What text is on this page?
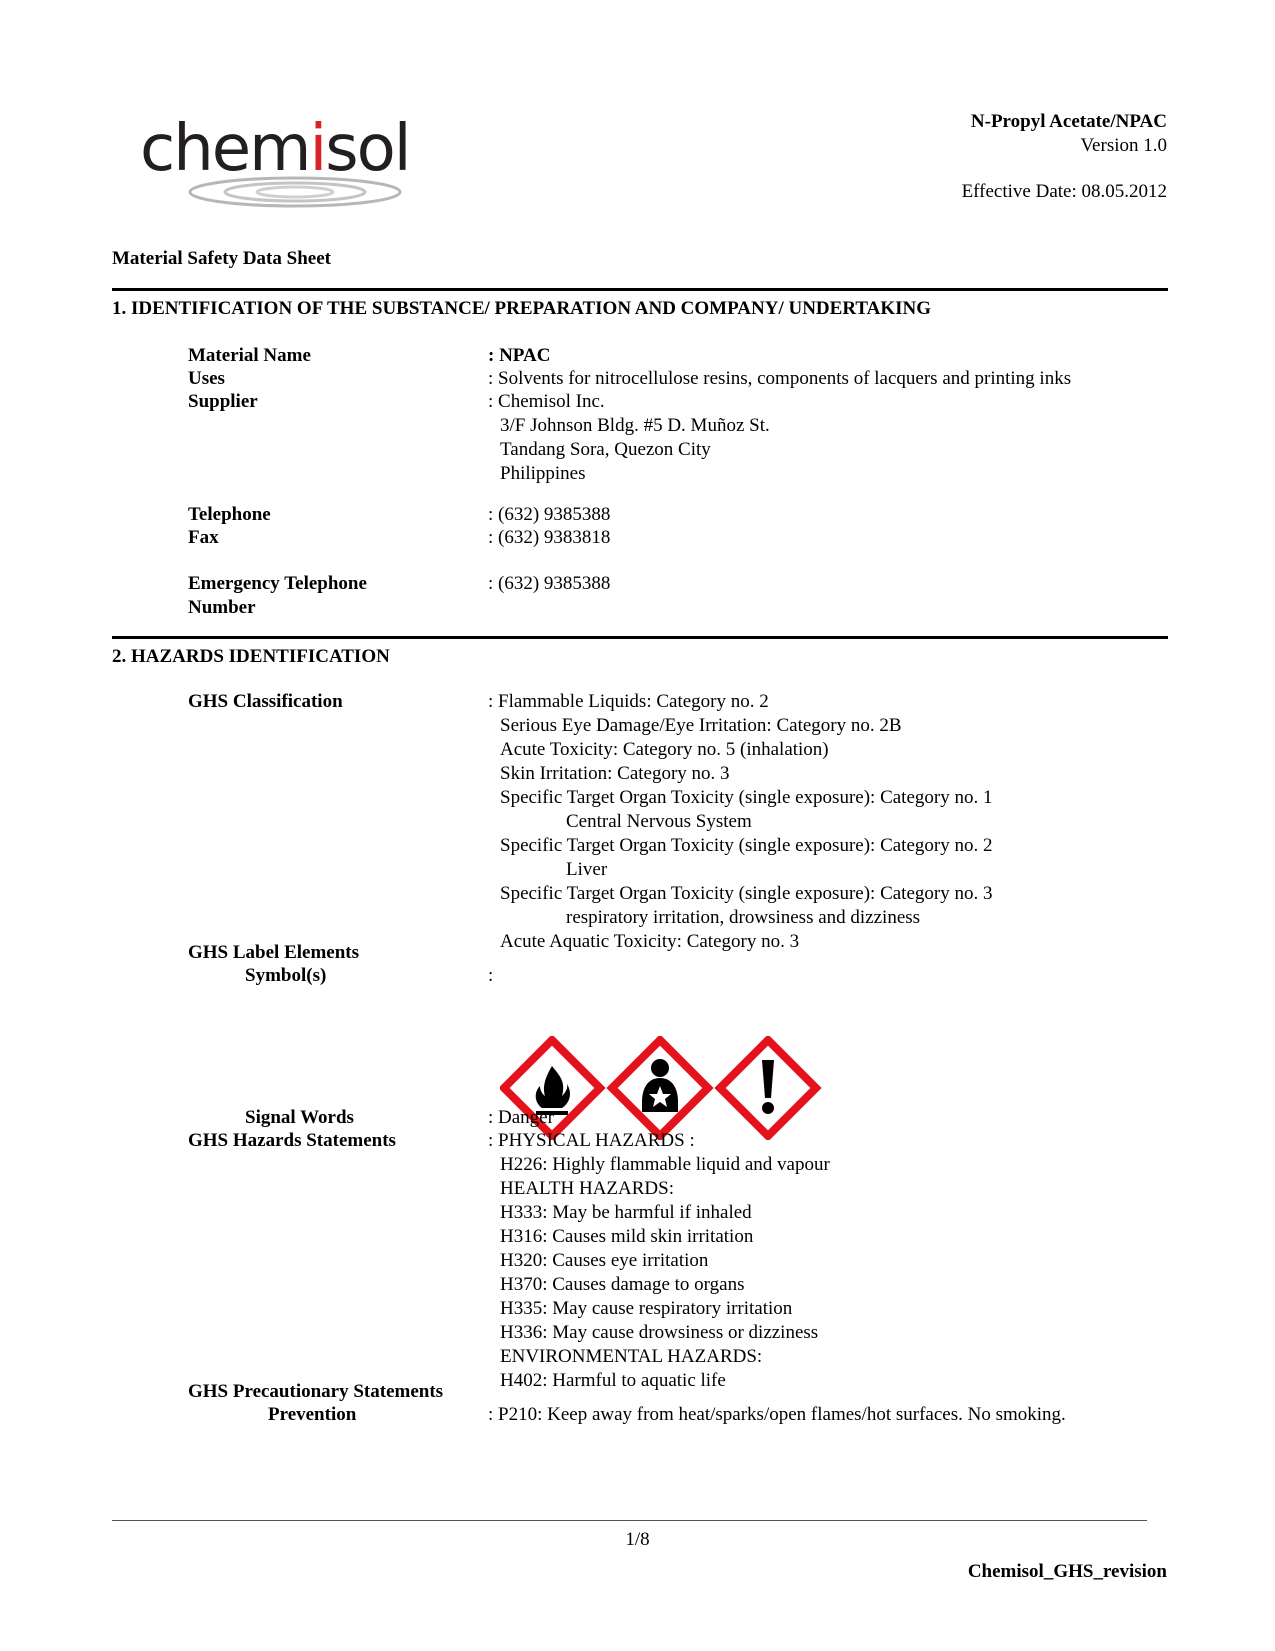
chemisol	N-Propyl Acetate/NPAC
Version 1.0
Effective Date: 08.05.2012
Material Safety Data Sheet
1. IDENTIFICATION OF THE SUBSTANCE/ PREPARATION AND COMPANY/ UNDERTAKING
Material Name	: NPAC
Uses	: Solvents for nitrocellulose resins, components of lacquers and printing inks
Supplier	: Chemisol Inc.
3/F Johnson Bldg. #5 D. Muñoz St.
Tandang Sora, Quezon City
Philippines
Telephone	: (632) 9385388
Fax	: (632) 9383818
Emergency Telephone
Number
: (632) 9385388
2. HAZARDS IDENTIFICATION
GHS Classification	: Flammable Liquids: Category no. 2
Serious Eye Damage/Eye Irritation: Category no. 2B
Acute Toxicity: Category no. 5 (inhalation)
Skin Irritation: Category no. 3
Specific Target Organ Toxicity (single exposure): Category no. 1
Central Nervous System
Specific Target Organ Toxicity (single exposure): Category no. 2
Liver
Specific Target Organ Toxicity (single exposure): Category no. 3
respiratory irritation, drowsiness and dizziness
Acute Aquatic Toxicity: Category no. 3
GHS Label Elements
Symbol(s)	:
Signal Words	: Danger
GHS Hazards Statements	: PHYSICAL HAZARDS :
H226: Highly flammable liquid and vapour
HEALTH HAZARDS:
H333: May be harmful if inhaled
H316: Causes mild skin irritation
H320: Causes eye irritation
H370: Causes damage to organs
H335: May cause respiratory irritation
H336: May cause drowsiness or dizziness
ENVIRONMENTAL HAZARDS:
H402: Harmful to aquatic life
GHS Precautionary Statements
Prevention	: P210: Keep away from heat/sparks/open flames/hot surfaces. No smoking.
1/8
Chemisol_GHS_revision
